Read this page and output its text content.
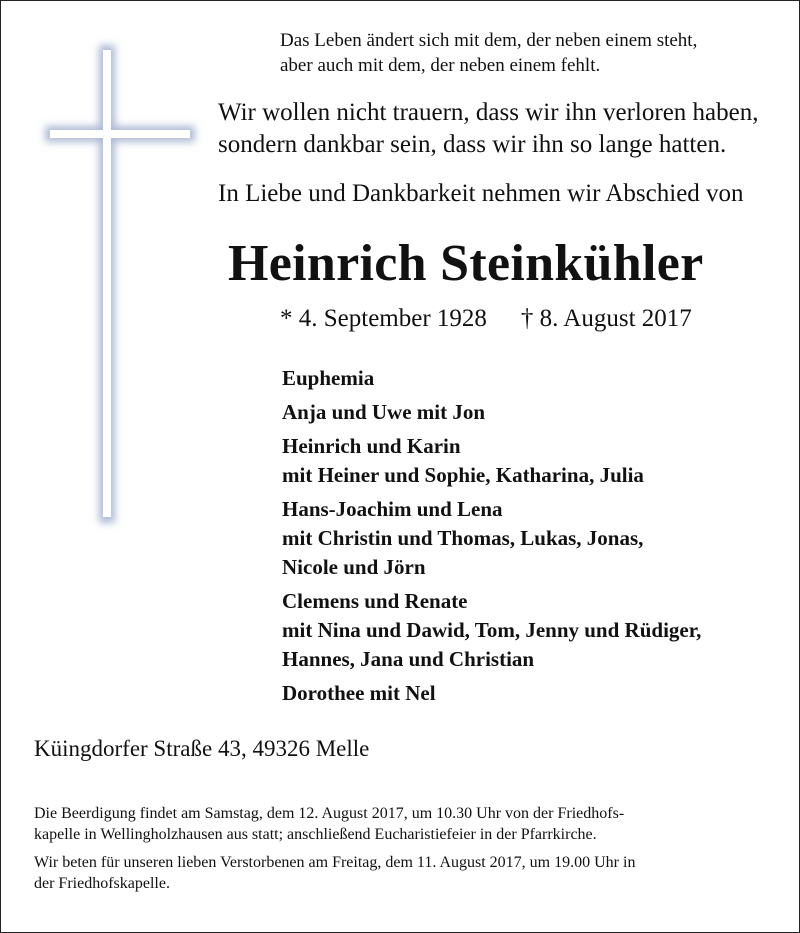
Das Leben ändert sich mit dem, der neben einem steht,
aber auch mit dem, der neben einem fehlt.
Wir wollen nicht trauern, dass wir ihn verloren haben,
sondern dankbar sein, dass wir ihn so lange hatten.
In Liebe und Dankbarkeit nehmen wir Abschied von
Heinrich Steinkühler
* 4. September 1928 † 8. August 2017
Euphemia
Anja und Uwe mit Jon
Heinrich und Karin
mit Heiner und Sophie, Katharina, Julia
Hans-Joachim und Lena
mit Christin und Thomas, Lukas, Jonas,
Nicole und Jörn
Clemens und Renate
mit Nina und Dawid, Tom, Jenny und Rüdiger,
Hannes, Jana und Christian
Dorothee mit Nel
Küingdorfer Straße 43, 49326 Melle

Die Beerdigung findet am Samstag, dem 12. August 2017, um 10.30 Uhr von der Friedhofs-
kapelle in Wellingholzhausen aus statt; anschließend Eucharistiefeier in der Pfarrkirche.

Wir beten für unseren lieben Verstorbenen am Freitag, dem 11. August 2017, um 19.00 Uhr in
der Friedhofskapelle.
